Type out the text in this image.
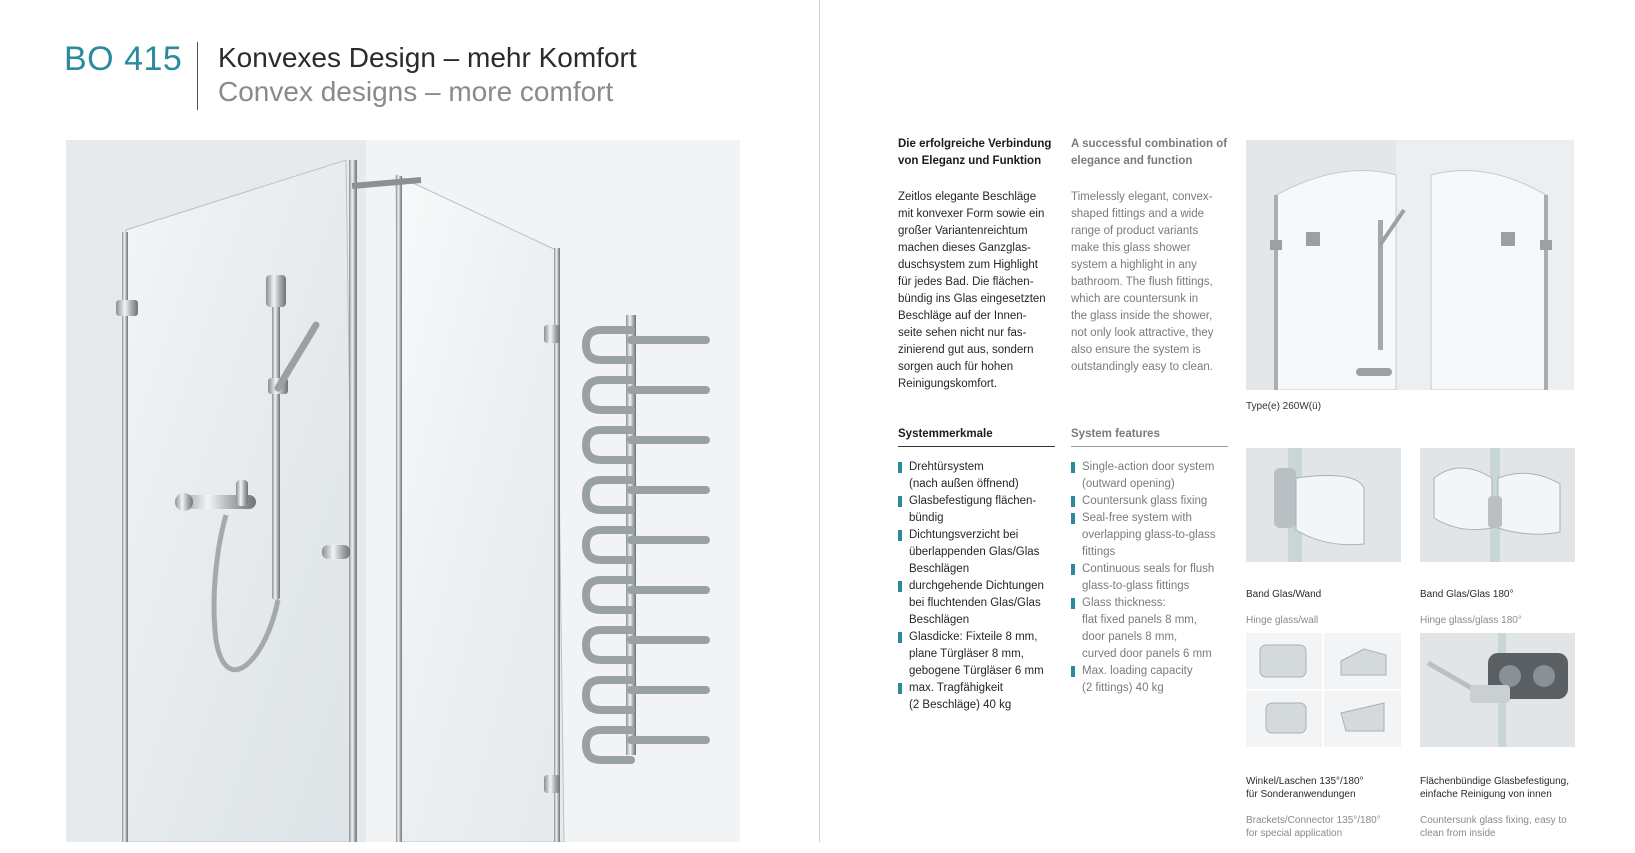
BO 415 Konvexes Design – mehr Komfort
Convex designs – more comfort
Die erfolgreiche Verbindung
von Eleganz und Funktion
A successful combination of
elegance and function
Zeitlos elegante Beschläge
mit konvexer Form sowie ein
großer Variantenreichtum
machen dieses Ganzglas-
duschsystem zum Highlight
für jedes Bad. Die flächen-
bündig ins Glas eingesetzten
Beschläge auf der Innen-
seite sehen nicht nur fas-
zinierend gut aus, sondern
sorgen auch für hohen
Reinigungskomfort.
Timelessly elegant, convex-
shaped fittings and a wide
range of product variants
make this glass shower
system a highlight in any
bathroom. The flush fittings,
which are countersunk in
the glass inside the shower,
not only look attractive, they
also ensure the system is
outstandingly easy to clean.
Systemmerkmale	System features
Drehtürsystem
(nach außen öffnend)
Glasbefestigung flächen-
bündig
Dichtungsverzicht bei
überlappenden Glas/Glas
Beschlägen
durchgehende Dichtungen
bei fluchtenden Glas/Glas
Beschlägen
Glasdicke: Fixteile 8 mm,
plane Türgläser 8 mm,
gebogene Türgläser 6 mm
max. Tragfähigkeit
(2 Beschläge) 40 kg
Single-action door system
(outward opening)
Countersunk glass fixing
Seal-free system with
overlapping glass-to-glass
fittings
Continuous seals for flush
glass-to-glass fittings
Glass thickness:
flat fixed panels 8 mm,
door panels 8 mm,
curved door panels 6 mm
Max. loading capacity
(2 fittings) 40 kg
Type(e) 260W(ü)

Band Glas/Wand

Hinge glass/wall

Band Glas/Glas 180°

Hinge glass/glass 180°

Winkel/Laschen 135°/180°
für Sonderanwendungen

Brackets/Connector 135°/180°
for special application

Flächenbündige Glasbefestigung,
einfache Reinigung von innen

Countersunk glass fixing, easy to
clean from inside
